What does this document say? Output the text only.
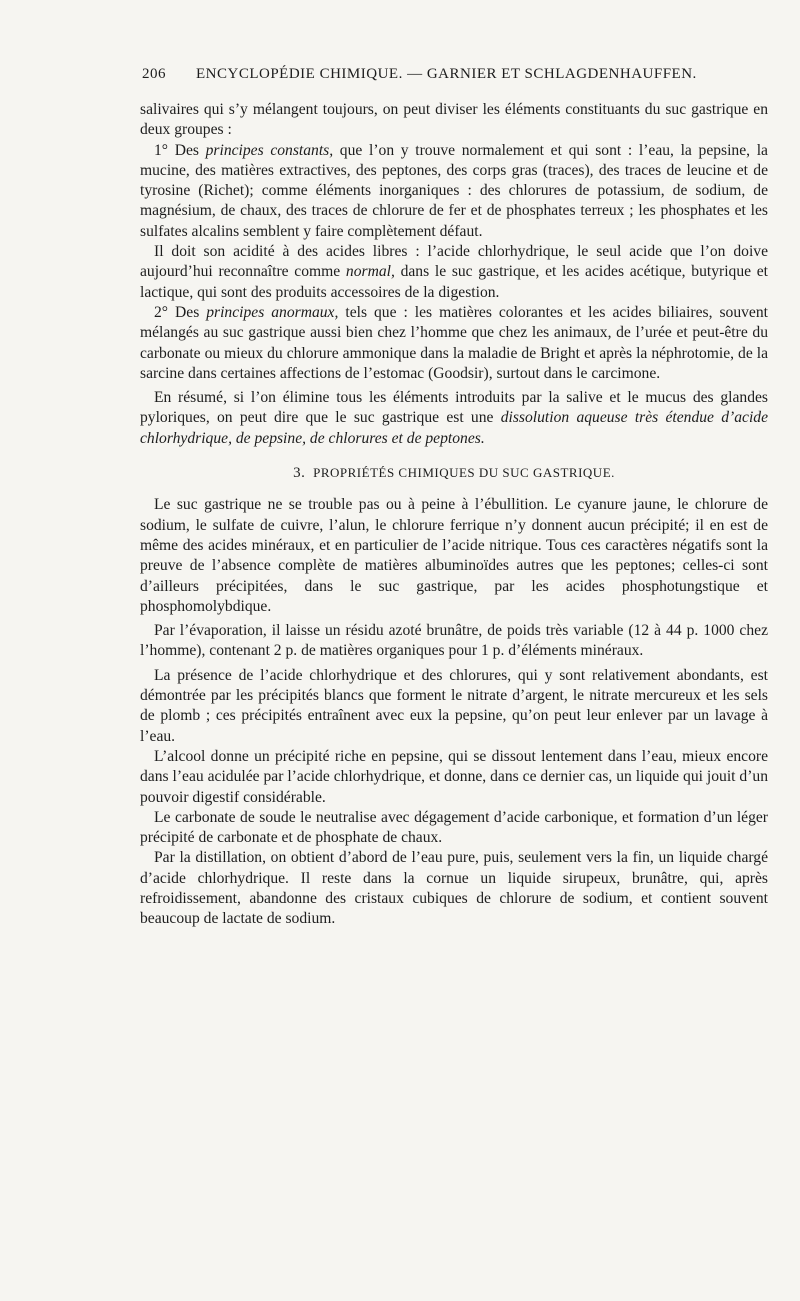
206 ENCYCLOPÉDIE CHIMIQUE. — GARNIER ET SCHLAGDENHAUFFEN.

salivaires qui s’y mélangent toujours, on peut diviser les éléments constituants du suc gastrique en deux groupes :

1° Des principes constants, que l’on y trouve normalement et qui sont : l’eau, la pepsine, la mucine, des matières extractives, des peptones, des corps gras (traces), des traces de leucine et de tyrosine (Richet); comme éléments inorganiques : des chlorures de potassium, de sodium, de magnésium, de chaux, des traces de chlorure de fer et de phosphates terreux ; les phosphates et les sulfates alcalins semblent y faire complètement défaut.

Il doit son acidité à des acides libres : l’acide chlorhydrique, le seul acide que l’on doive aujourd’hui reconnaître comme normal, dans le suc gastrique, et les acides acétique, butyrique et lactique, qui sont des produits accessoires de la digestion.

2° Des principes anormaux, tels que : les matières colorantes et les acides biliaires, souvent mélangés au suc gastrique aussi bien chez l’homme que chez les animaux, de l’urée et peut-être du carbonate ou mieux du chlorure ammonique dans la maladie de Bright et après la néphrotomie, de la sarcine dans certaines affections de l’estomac (Goodsir), surtout dans le carcimone.

En résumé, si l’on élimine tous les éléments introduits par la salive et le mucus des glandes pyloriques, on peut dire que le suc gastrique est une dissolution aqueuse très étendue d’acide chlorhydrique, de pepsine, de chlorures et de peptones.

3. PROPRIÉTÉS CHIMIQUES DU SUC GASTRIQUE.

Le suc gastrique ne se trouble pas ou à peine à l’ébullition. Le cyanure jaune, le chlorure de sodium, le sulfate de cuivre, l’alun, le chlorure ferrique n’y donnent aucun précipité; il en est de même des acides minéraux, et en particulier de l’acide nitrique. Tous ces caractères négatifs sont la preuve de l’absence complète de matières albuminoïdes autres que les peptones; celles-ci sont d’ailleurs précipitées, dans le suc gastrique, par les acides phosphotungstique et phosphomolybdique.

Par l’évaporation, il laisse un résidu azoté brunâtre, de poids très variable (12 à 44 p. 1000 chez l’homme), contenant 2 p. de matières organiques pour 1 p. d’éléments minéraux.

La présence de l’acide chlorhydrique et des chlorures, qui y sont relativement abondants, est démontrée par les précipités blancs que forment le nitrate d’argent, le nitrate mercureux et les sels de plomb ; ces précipités entraînent avec eux la pepsine, qu’on peut leur enlever par un lavage à l’eau.

L’alcool donne un précipité riche en pepsine, qui se dissout lentement dans l’eau, mieux encore dans l’eau acidulée par l’acide chlorhydrique, et donne, dans ce dernier cas, un liquide qui jouit d’un pouvoir digestif considérable.

Le carbonate de soude le neutralise avec dégagement d’acide carbonique, et formation d’un léger précipité de carbonate et de phosphate de chaux.

Par la distillation, on obtient d’abord de l’eau pure, puis, seulement vers la fin, un liquide chargé d’acide chlorhydrique. Il reste dans la cornue un liquide sirupeux, brunâtre, qui, après refroidissement, abandonne des cristaux cubiques de chlorure de sodium, et contient souvent beaucoup de lactate de sodium.
